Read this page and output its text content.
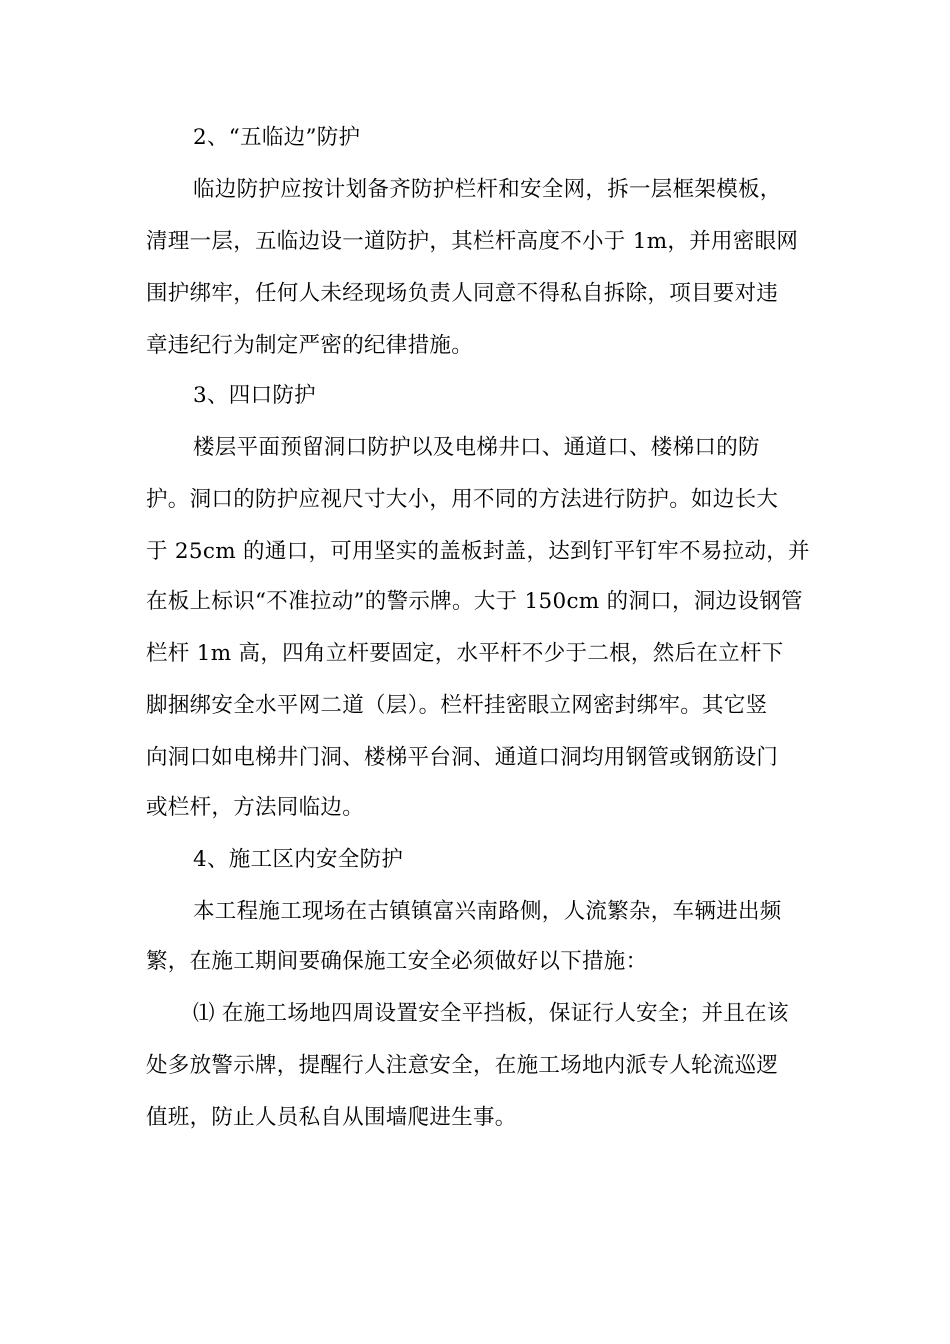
2、“五临边”防护
临边防护应按计划备齐防护栏杆和安全网，拆一层框架模板，
清理一层，五临边设一道防护，其栏杆高度不小于 1m，并用密眼网
围护绑牢，任何人未经现场负责人同意不得私自拆除，项目要对违
章违纪行为制定严密的纪律措施。
3、四口防护
楼层平面预留洞口防护以及电梯井口、通道口、楼梯口的防
护。洞口的防护应视尺寸大小，用不同的方法进行防护。如边长大
于 25cm 的通口，可用坚实的盖板封盖，达到钉平钉牢不易拉动，并
在板上标识“不准拉动”的警示牌。大于 150cm 的洞口，洞边设钢管
栏杆 1m 高，四角立杆要固定，水平杆不少于二根，然后在立杆下
脚捆绑安全水平网二道（层）。栏杆挂密眼立网密封绑牢。其它竖
向洞口如电梯井门洞、楼梯平台洞、通道口洞均用钢管或钢筋设门
或栏杆，方法同临边。
4、施工区内安全防护
本工程施工现场在古镇镇富兴南路侧，人流繁杂，车辆进出频
繁，在施工期间要确保施工安全必须做好以下措施：
⑴ 在施工场地四周设置安全平挡板，保证行人安全；并且在该
处多放警示牌，提醒行人注意安全，在施工场地内派专人轮流巡逻
值班，防止人员私自从围墙爬进生事。
